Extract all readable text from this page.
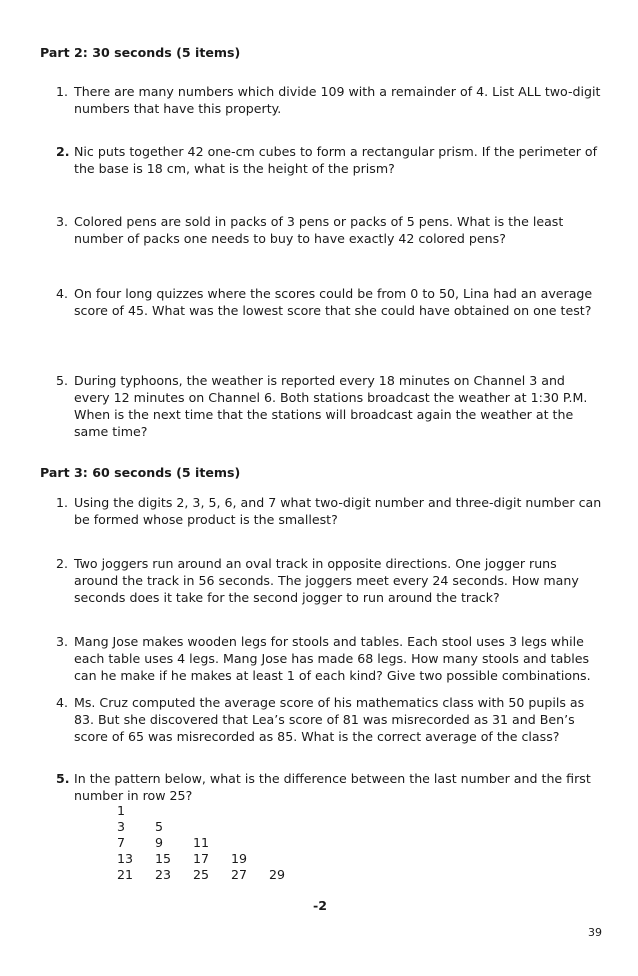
Part 2: 30 seconds (5 items)
1. There are many numbers which divide 109 with a remainder of 4. List ALL two-digit numbers that have this property.
2. Nic puts together 42 one-cm cubes to form a rectangular prism. If the perimeter of the base is 18 cm, what is the height of the prism?
3. Colored pens are sold in packs of 3 pens or packs of 5 pens. What is the least number of packs one needs to buy to have exactly 42 colored pens?
4. On four long quizzes where the scores could be from 0 to 50, Lina had an average score of 45. What was the lowest score that she could have obtained on one test?
5. During typhoons, the weather is reported every 18 minutes on Channel 3 and every 12 minutes on Channel 6. Both stations broadcast the weather at 1:30 P.M. When is the next time that the stations will broadcast again the weather at the same time?
Part 3: 60 seconds (5 items)
1. Using the digits 2, 3, 5, 6, and 7 what two-digit number and three-digit number can be formed whose product is the smallest?
2. Two joggers run around an oval track in opposite directions. One jogger runs around the track in 56 seconds. The joggers meet every 24 seconds. How many seconds does it take for the second jogger to run around the track?
3. Mang Jose makes wooden legs for stools and tables. Each stool uses 3 legs while each table uses 4 legs. Mang Jose has made 68 legs. How many stools and tables can he make if he makes at least 1 of each kind? Give two possible combinations.
4. Ms. Cruz computed the average score of his mathematics class with 50 pupils as 83. But she discovered that Lea’s score of 81 was misrecorded as 31 and Ben’s score of 65 was misrecorded as 85. What is the correct average of the class?
5. In the pattern below, what is the difference between the last number and the first number in row 25?
1
3	5
7	9	11
13	15	17	19
21	23	25	27	29
-2
39
